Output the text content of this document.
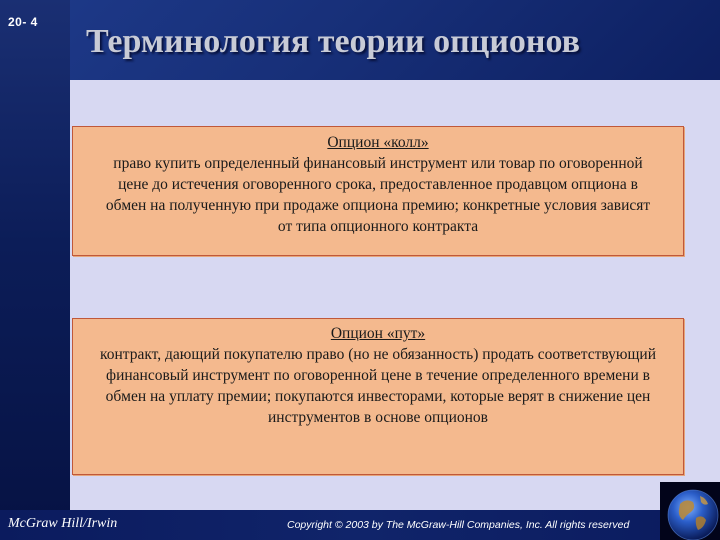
20- 4
Терминология теории опционов
Опцион «колл»
право купить определенный финансовый инструмент или товар по оговоренной цене до истечения оговоренного срока, предоставленное продавцом опциона в обмен на полученную при продаже опциона премию; конкретные условия зависят от типа опционного контракта
Опцион «пут»
контракт, дающий покупателю право (но не обязанность) продать соответствующий финансовый инструмент по оговоренной цене в течение определенного времени в обмен на уплату премии; покупаются инвесторами, которые верят в снижение цен инструментов в основе опционов
McGraw Hill/Irwin	Copyright © 2003 by The McGraw-Hill Companies, Inc. All rights reserved
